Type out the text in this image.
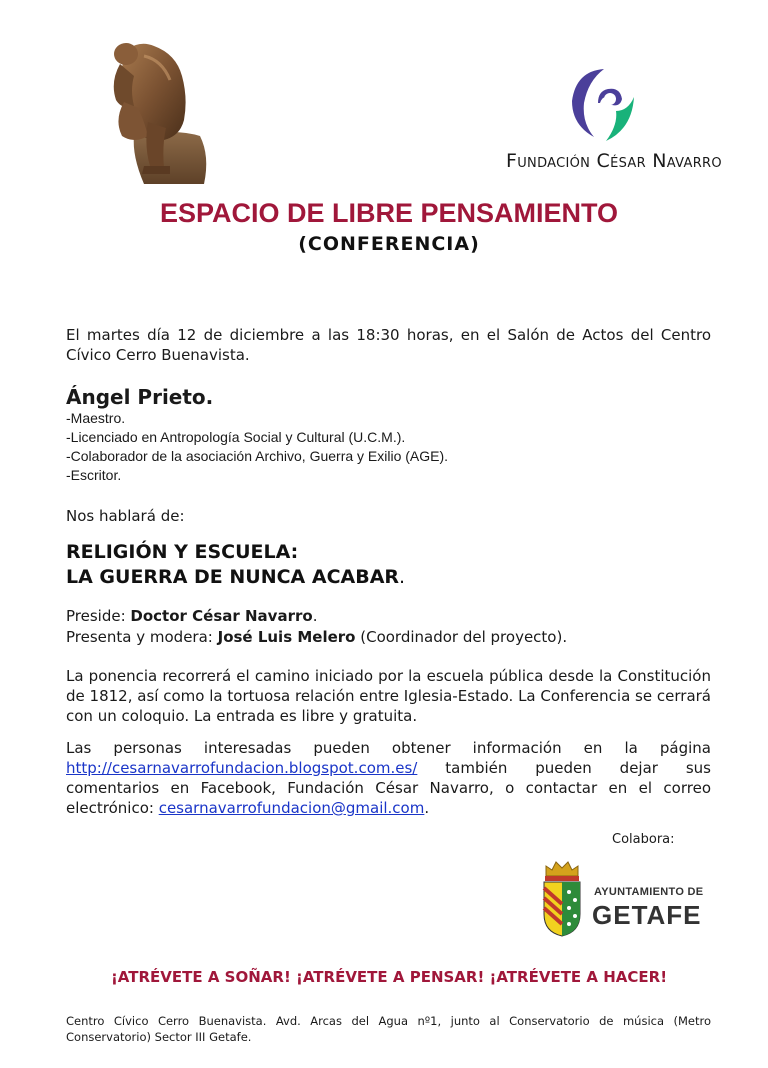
Fundación César Navarro
ESPACIO DE LIBRE PENSAMIENTO
(CONFERENCIA)
El martes día 12 de diciembre a las 18:30 horas, en el Salón de Actos del Centro Cívico Cerro Buenavista.
Ángel Prieto.
-Maestro.
-Licenciado en Antropología Social y Cultural (U.C.M.).
-Colaborador de la asociación Archivo, Guerra y Exilio (AGE).
-Escritor.
Nos hablará de:
RELIGIÓN Y ESCUELA:
LA GUERRA DE NUNCA ACABAR.
Preside: Doctor César Navarro.
Presenta y modera: José Luis Melero (Coordinador del proyecto).
La ponencia recorrerá el camino iniciado por la escuela pública desde la Constitución de 1812, así como la tortuosa relación entre Iglesia-Estado. La Conferencia se cerrará con un coloquio. La entrada es libre y gratuita.
Las personas interesadas pueden obtener información en la página http://cesarnavarrofundacion.blogspot.com.es/ también pueden dejar sus comentarios en Facebook, Fundación César Navarro, o contactar en el correo electrónico: cesarnavarrofundacion@gmail.com.
Colabora:
AYUNTAMIENTO DE
GETAFE
¡ATRÉVETE A SOÑAR! ¡ATRÉVETE A PENSAR! ¡ATRÉVETE A HACER!
Centro Cívico Cerro Buenavista. Avd. Arcas del Agua nº1, junto al Conservatorio de música (Metro Conservatorio) Sector III Getafe.
